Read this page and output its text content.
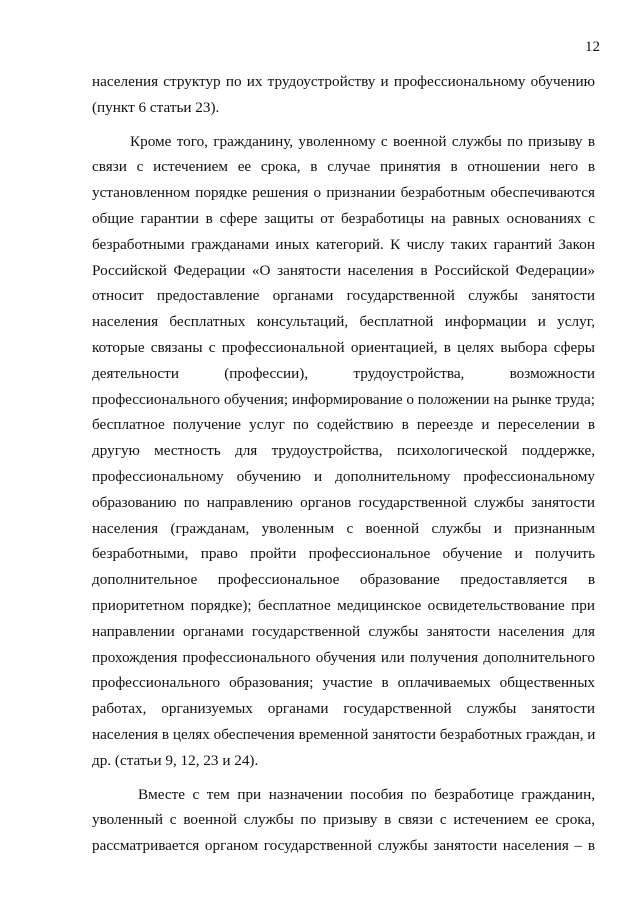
12

населения структур по их трудоустройству и профессиональному обучению
(пункт 6 статьи 23).

Кроме того, гражданину, уволенному с военной службы по призыву в
связи с истечением ее срока, в случае принятия в отношении него в
установленном порядке решения о признании безработным обеспечиваются
общие гарантии в сфере защиты от безработицы на равных основаниях с
безработными гражданами иных категорий. К числу таких гарантий Закон
Российской Федерации «О занятости населения в Российской Федерации»
относит предоставление органами государственной службы занятости
населения бесплатных консультаций, бесплатной информации и услуг,
которые связаны с профессиональной ориентацией, в целях выбора сферы
деятельности (профессии), трудоустройства, возможности
профессионального обучения; информирование о положении на рынке труда;
бесплатное получение услуг по содействию в переезде и переселении в
другую местность для трудоустройства, психологической поддержке,
профессиональному обучению и дополнительному профессиональному
образованию по направлению органов государственной службы занятости
населения (гражданам, уволенным с военной службы и признанным
безработными, право пройти профессиональное обучение и получить
дополнительное профессиональное образование предоставляется в
приоритетном порядке); бесплатное медицинское освидетельствование при
направлении органами государственной службы занятости населения для
прохождения профессионального обучения или получения дополнительного
профессионального образования; участие в оплачиваемых общественных
работах, организуемых органами государственной службы занятости
населения в целях обеспечения временной занятости безработных граждан, и
др. (статьи 9, 12, 23 и 24).

Вместе с тем при назначении пособия по безработице гражданин,
уволенный с военной службы по призыву в связи с истечением ее срока,
рассматривается органом государственной службы занятости населения – в
